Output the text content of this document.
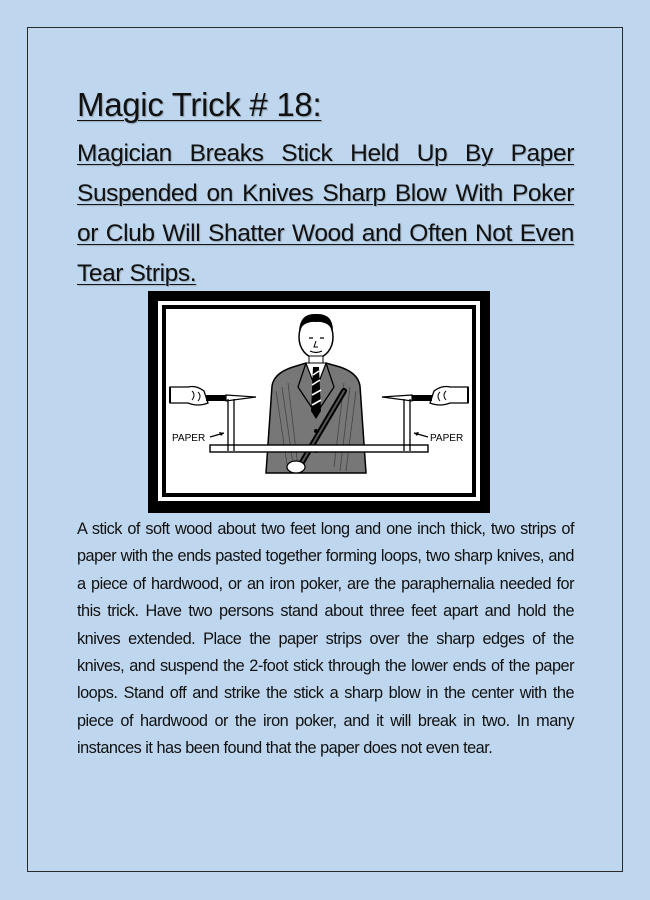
Magic Trick # 18:
Magician Breaks Stick Held Up By Paper Suspended on Knives Sharp Blow With Poker or Club Will Shatter Wood and Often Not Even Tear Strips.
PAPER	PAPER

A stick of soft wood about two feet long and one inch thick, two strips of paper with the ends pasted together forming loops, two sharp knives, and a piece of hardwood, or an iron poker, are the paraphernalia needed for this trick. Have two persons stand about three feet apart and hold the knives extended. Place the paper strips over the sharp edges of the knives, and suspend the 2-foot stick through the lower ends of the paper loops. Stand off and strike the stick a sharp blow in the center with the piece of hardwood or the iron poker, and it will break in two. In many instances it has been found that the paper does not even tear.
